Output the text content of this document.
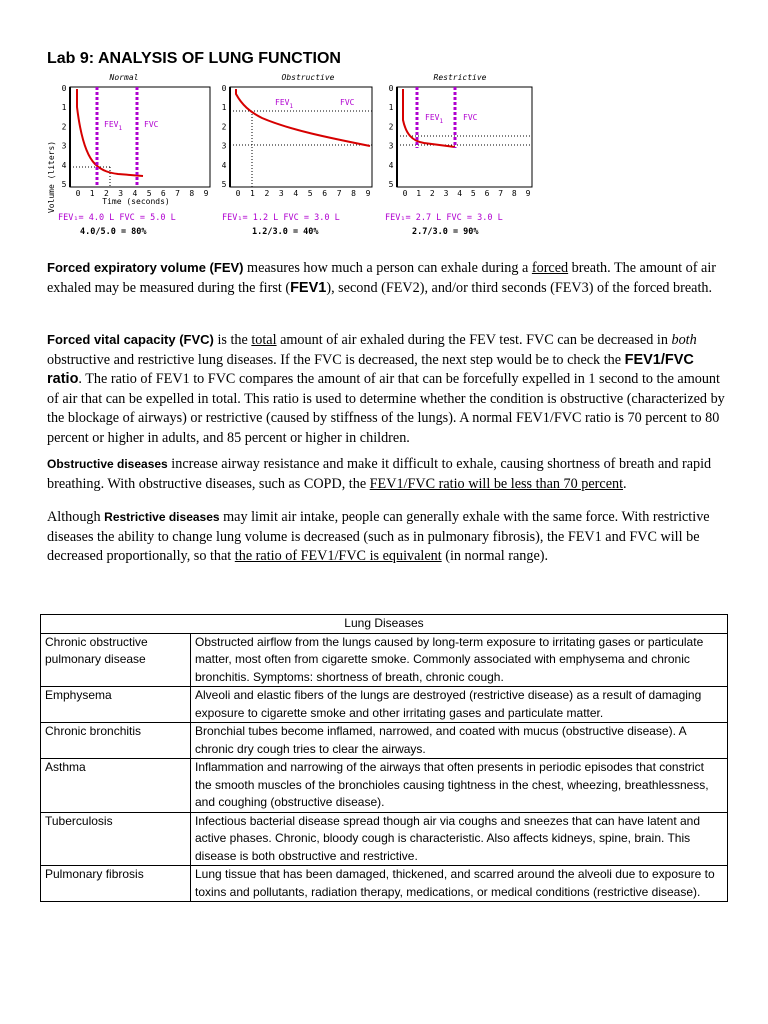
Lab 9: ANALYSIS OF LUNG FUNCTION
Volume (liters)	Time (seconds)
Normal
$FEV_1$	FVC
Obstructive
$FEV_1$	FVC
Restrictive
$FEV_1$ FVC
0 1 2 3 4 5 6 7 8 9
0
1
2
3
4
5
0 1 2 3 4 5 6 7 8 9
0
1
2
3
4
5
0 1 2 3 4 5 6 7 8 9
0
1
2
3
4
5
FEV₁= 4.0 L FVC = 5.0 L
4.0/5.0 = 80%
FEV₁= 1.2 L FVC = 3.0 L
1.2/3.0 = 40%
FEV₁= 2.7 L FVC = 3.0 L
2.7/3.0 = 90%

Forced expiratory volume (FEV) measures how much a person can exhale during a forced breath. The amount of air exhaled may be measured during the first (FEV1), second (FEV2), and/or third seconds (FEV3) of the forced breath.

Forced vital capacity (FVC) is the total amount of air exhaled during the FEV test. FVC can be decreased in both obstructive and restrictive lung diseases. If the FVC is decreased, the next step would be to check the FEV1/FVC ratio. The ratio of FEV1 to FVC compares the amount of air that can be forcefully expelled in 1 second to the amount of air that can be expelled in total. This ratio is used to determine whether the condition is obstructive (characterized by the blockage of airways) or restrictive (caused by stiffness of the lungs). A normal FEV1/FVC ratio is 70 percent to 80 percent or higher in adults, and 85 percent or higher in children.

Obstructive diseases increase airway resistance and make it difficult to exhale, causing shortness of breath and rapid breathing. With obstructive diseases, such as COPD, the FEV1/FVC ratio will be less than 70 percent.

Although Restrictive diseases may limit air intake, people can generally exhale with the same force. With restrictive diseases the ability to change lung volume is decreased (such as in pulmonary fibrosis), the FEV1 and FVC will be decreased proportionally, so that the ratio of FEV1/FVC is equivalent (in normal range).

Lung Diseases	
Chronic obstructive pulmonary disease	Obstructed airflow from the lungs caused by long-term exposure to irritating gases or particulate matter, most often from cigarette smoke. Commonly associated with emphysema and chronic bronchitis. Symptoms: shortness of breath, chronic cough.
Emphysema	Alveoli and elastic fibers of the lungs are destroyed (restrictive disease) as a result of damaging exposure to cigarette smoke and other irritating gases and particulate matter.
Chronic bronchitis	Bronchial tubes become inflamed, narrowed, and coated with mucus (obstructive disease). A chronic dry cough tries to clear the airways.
Asthma	Inflammation and narrowing of the airways that often presents in periodic episodes that constrict the smooth muscles of the bronchioles causing tightness in the chest, wheezing, breathlessness, and coughing (obstructive disease).
Tuberculosis	Infectious bacterial disease spread though air via coughs and sneezes that can have latent and active phases. Chronic, bloody cough is characteristic. Also affects kidneys, spine, brain. This disease is both obstructive and restrictive.
Pulmonary fibrosis	Lung tissue that has been damaged, thickened, and scarred around the alveoli due to exposure to toxins and pollutants, radiation therapy, medications, or medical conditions (restrictive disease).
